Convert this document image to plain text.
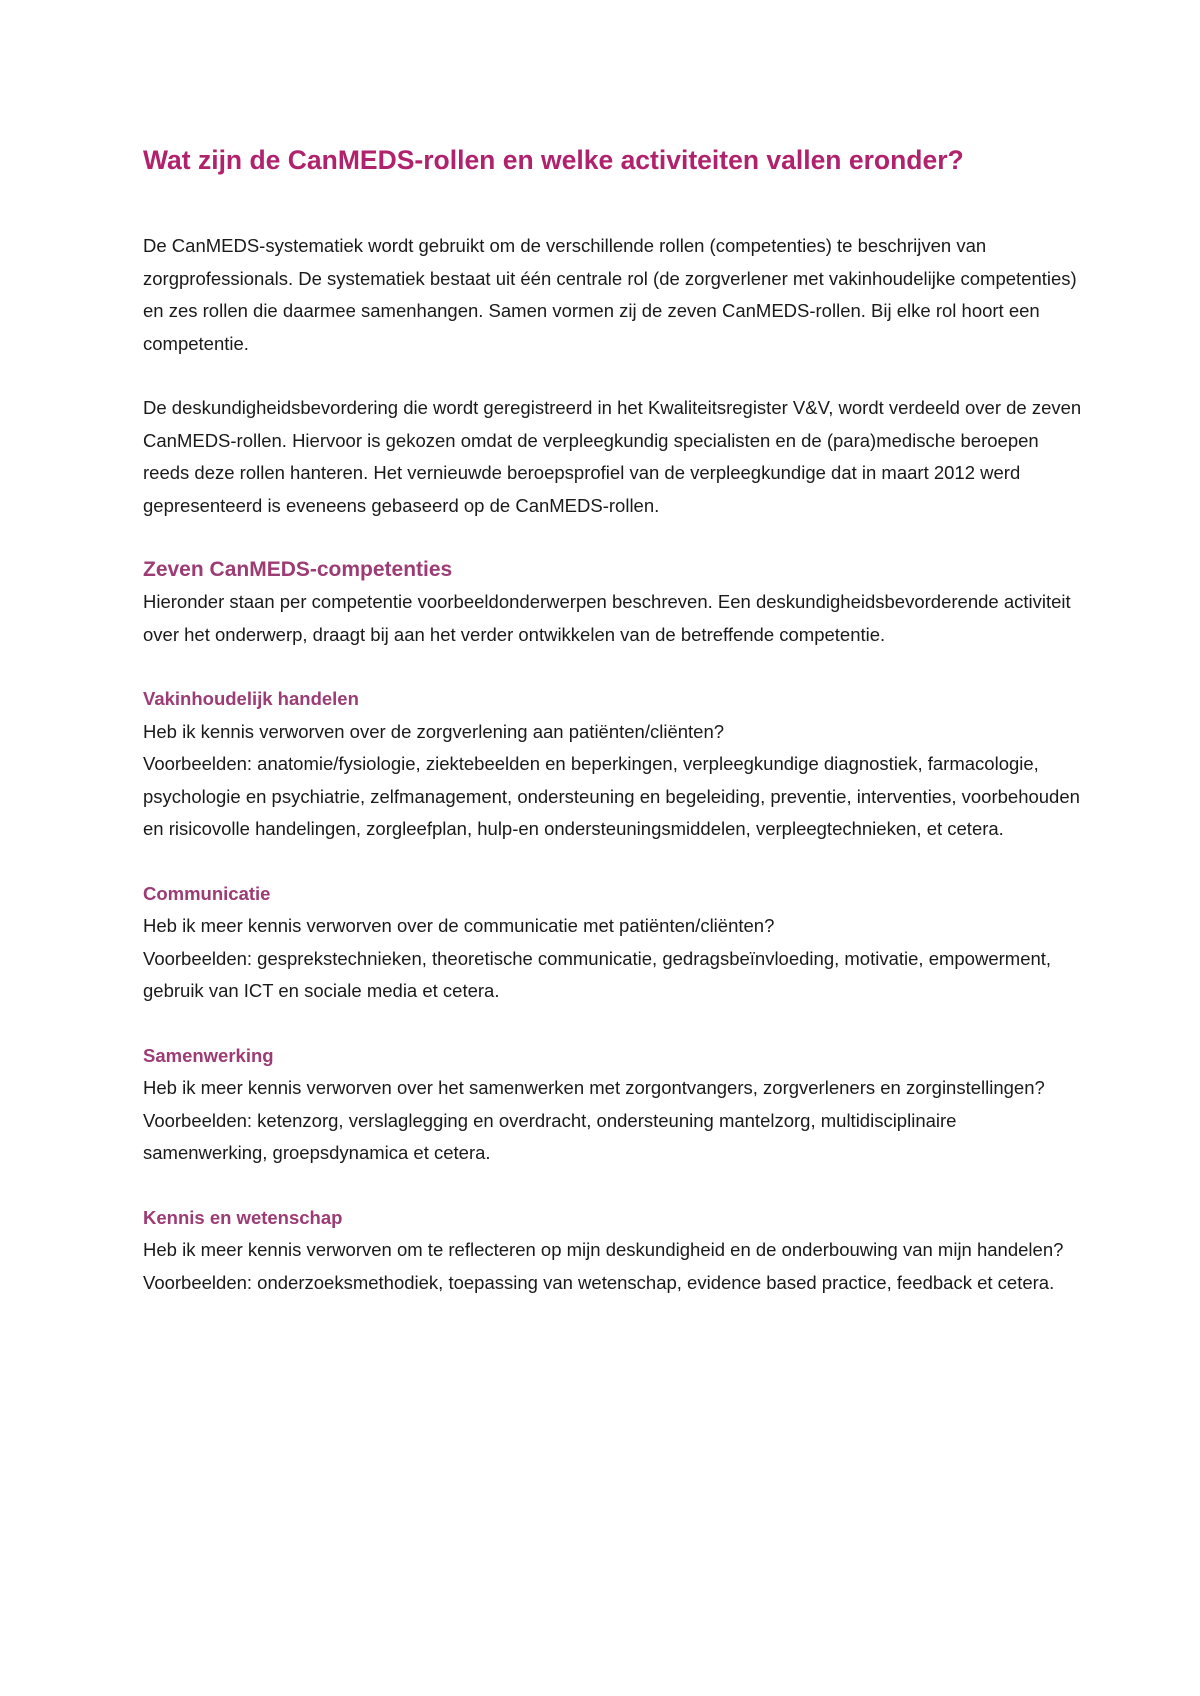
Wat zijn de CanMEDS-rollen en welke activiteiten vallen eronder?

De CanMEDS-systematiek wordt gebruikt om de verschillende rollen (competenties) te beschrijven van zorgprofessionals. De systematiek bestaat uit één centrale rol (de zorgverlener met vakinhoudelijke competenties) en zes rollen die daarmee samenhangen. Samen vormen zij de zeven CanMEDS-rollen. Bij elke rol hoort een competentie.

De deskundigheidsbevordering die wordt geregistreerd in het Kwaliteitsregister V&V, wordt verdeeld over de zeven CanMEDS-rollen. Hiervoor is gekozen omdat de verpleegkundig specialisten en de (para)medische beroepen reeds deze rollen hanteren. Het vernieuwde beroepsprofiel van de verpleegkundige dat in maart 2012 werd gepresenteerd is eveneens gebaseerd op de CanMEDS-rollen.

Zeven CanMEDS-competenties

Hieronder staan per competentie voorbeeldonderwerpen beschreven. Een deskundigheidsbevorderende activiteit over het onderwerp, draagt bij aan het verder ontwikkelen van de betreffende competentie.

Vakinhoudelijk handelen
Heb ik kennis verworven over de zorgverlening aan patiënten/cliënten?
Voorbeelden: anatomie/fysiologie, ziektebeelden en beperkingen, verpleegkundige diagnostiek, farmacologie, psychologie en psychiatrie, zelfmanagement, ondersteuning en begeleiding, preventie, interventies, voorbehouden en risicovolle handelingen, zorgleefplan, hulp-en ondersteuningsmiddelen, verpleegtechnieken, et cetera.
Communicatie
Heb ik meer kennis verworven over de communicatie met patiënten/cliënten?
Voorbeelden: gesprekstechnieken, theoretische communicatie, gedragsbeïnvloeding, motivatie, empowerment, gebruik van ICT en sociale media et cetera.
Samenwerking
Heb ik meer kennis verworven over het samenwerken met zorgontvangers, zorgverleners en zorginstellingen?
Voorbeelden: ketenzorg, verslaglegging en overdracht, ondersteuning mantelzorg, multidisciplinaire samenwerking, groepsdynamica et cetera.
Kennis en wetenschap
Heb ik meer kennis verworven om te reflecteren op mijn deskundigheid en de onderbouwing van mijn handelen?
Voorbeelden: onderzoeksmethodiek, toepassing van wetenschap, evidence based practice, feedback et cetera.
